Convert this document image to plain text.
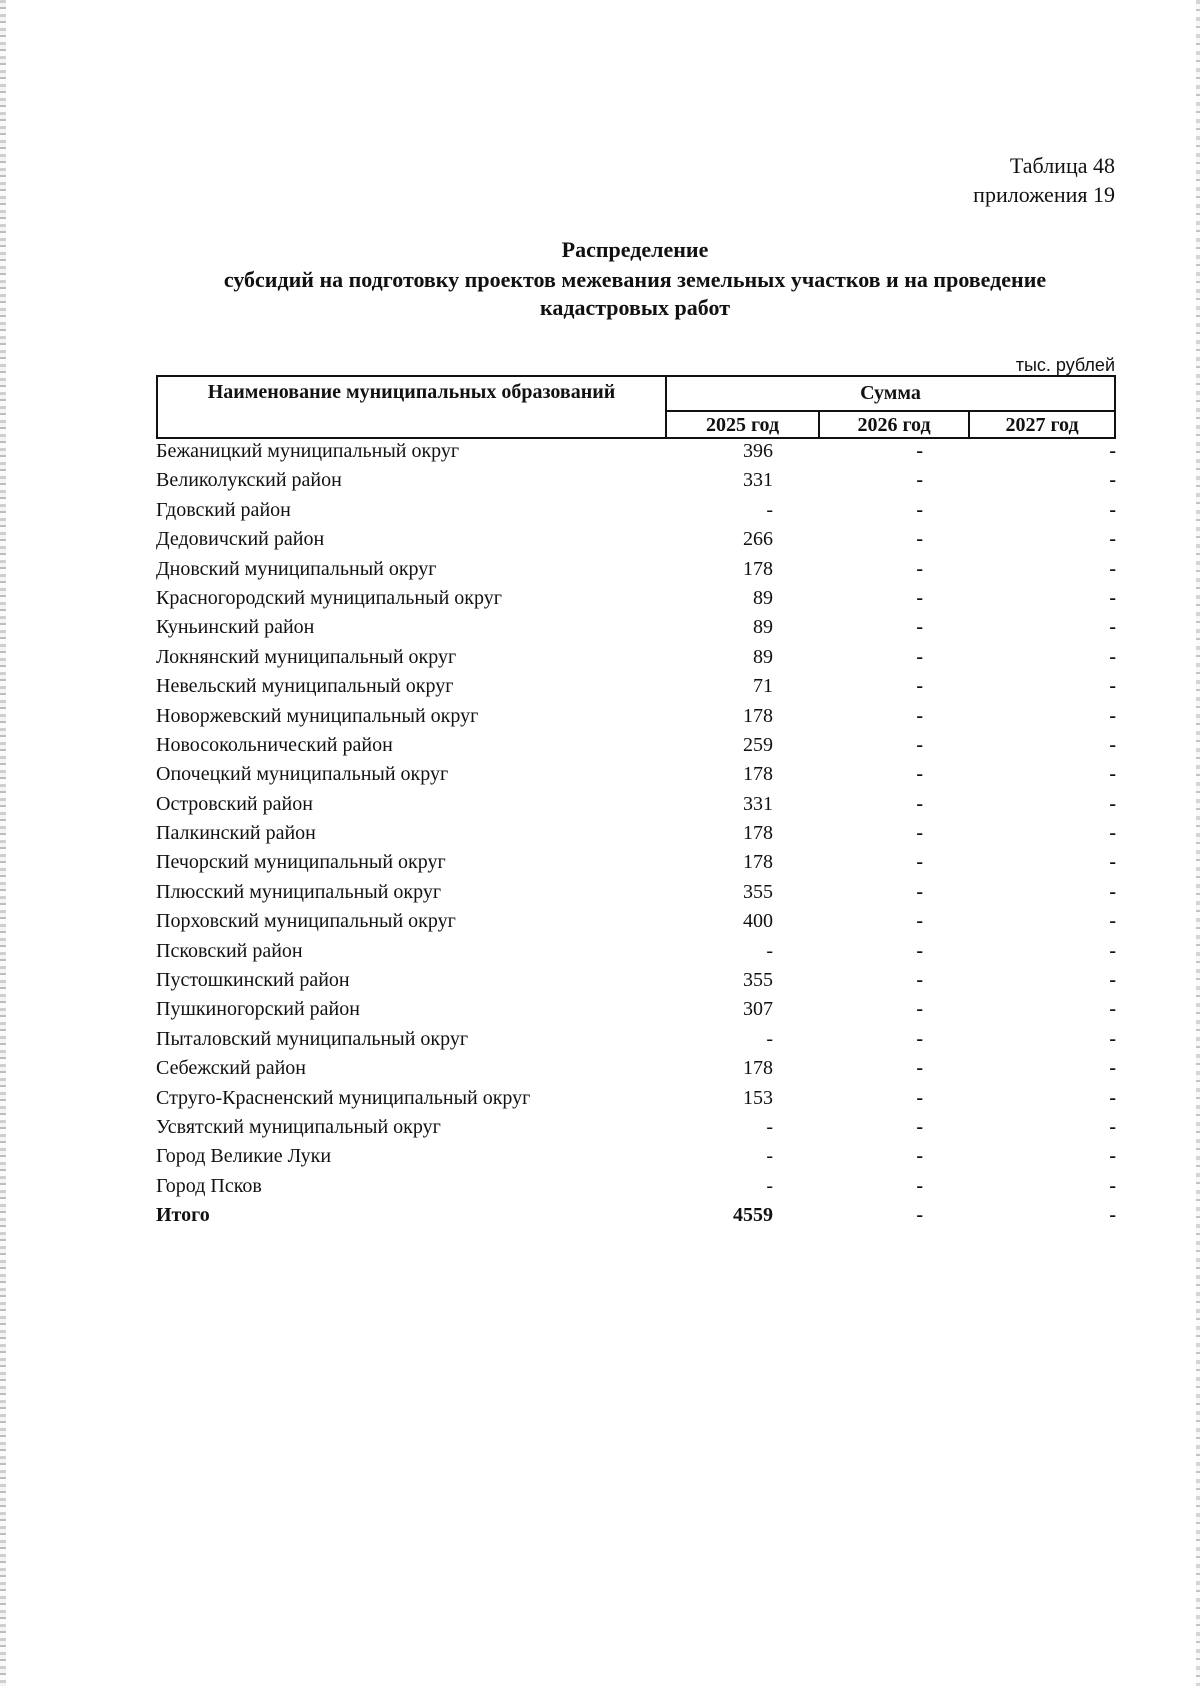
Таблица 48
приложения 19
Распределение
субсидий на подготовку проектов межевания земельных участков и на проведение
кадастровых работ
тыс. рублей
Наименование муниципальных образований	Сумма
2025 год	2026 год	2027 год
Бежаницкий муниципальный округ	396	-	-
Великолукский район	331	-	-
Гдовский район	-	-	-
Дедовичский район	266	-	-
Дновский муниципальный округ	178	-	-
Красногородский муниципальный округ	89	-	-
Куньинский район	89	-	-
Локнянский муниципальный округ	89	-	-
Невельский муниципальный округ	71	-	-
Новоржевский муниципальный округ	178	-	-
Новосокольнический район	259	-	-
Опочецкий муниципальный округ	178	-	-
Островский район	331	-	-
Палкинский район	178	-	-
Печорский муниципальный округ	178	-	-
Плюсский муниципальный округ	355	-	-
Порховский муниципальный округ	400	-	-
Псковский район	-	-	-
Пустошкинский район	355	-	-
Пушкиногорский район	307	-	-
Пыталовский муниципальный округ	-	-	-
Себежский район	178	-	-
Струго-Красненский муниципальный округ	153	-	-
Усвятский муниципальный округ	-	-	-
Город Великие Луки	-	-	-
Город Псков	-	-	-
Итого	4559	-	-
